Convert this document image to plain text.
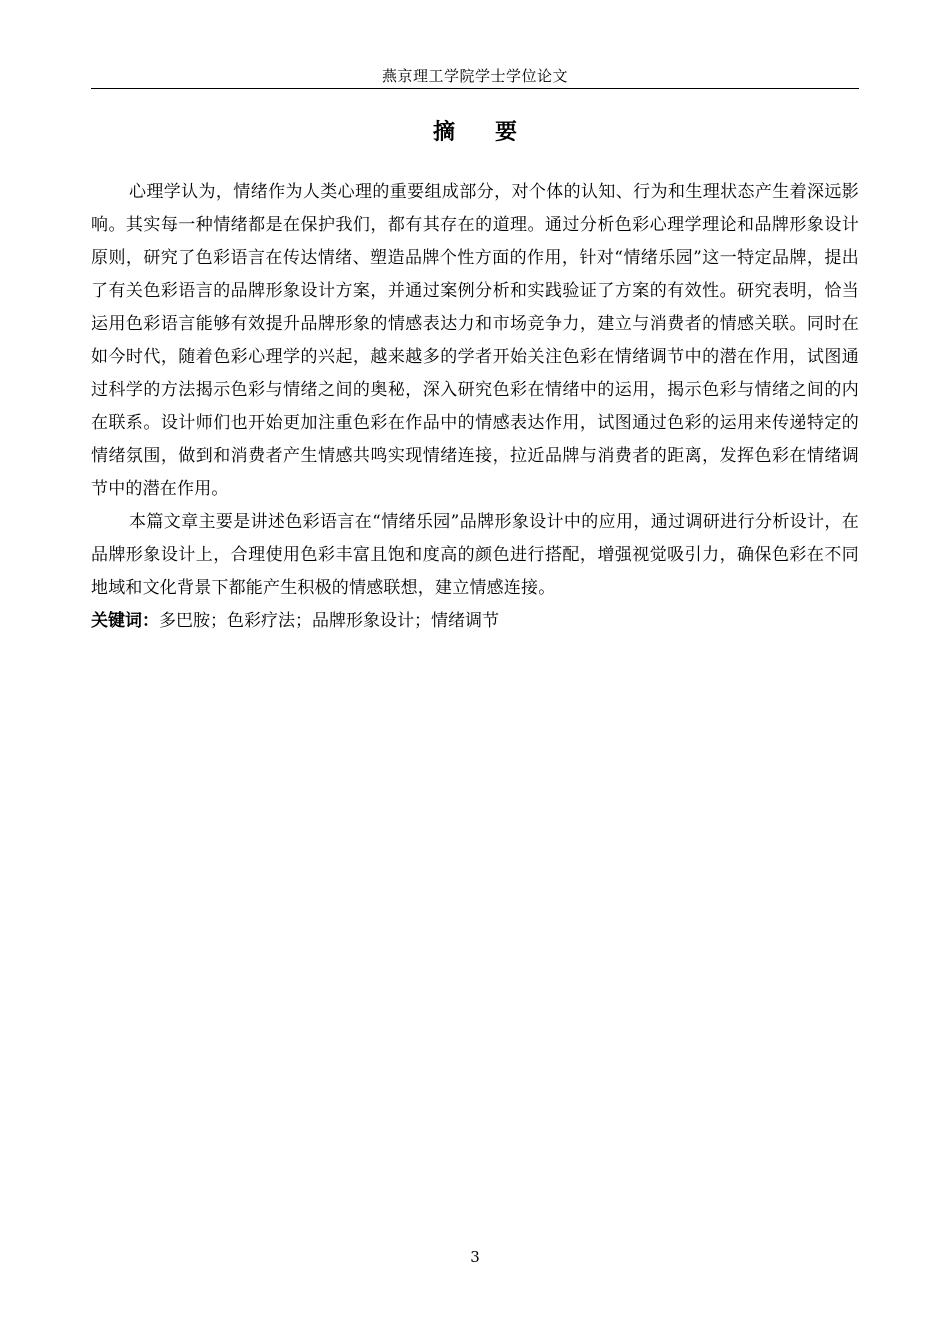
燕京理工学院学士学位论文
摘要

心理学认为，情绪作为人类心理的重要组成部分，对个体的认知、行为和生理状态产生着深远影响。其实每一种情绪都是在保护我们，都有其存在的道理。通过分析色彩心理学理论和品牌形象设计原则，研究了色彩语言在传达情绪、塑造品牌个性方面的作用，针对“情绪乐园”这一特定品牌，提出了有关色彩语言的品牌形象设计方案，并通过案例分析和实践验证了方案的有效性。研究表明，恰当运用色彩语言能够有效提升品牌形象的情感表达力和市场竞争力，建立与消费者的情感关联。同时在如今时代，随着色彩心理学的兴起，越来越多的学者开始关注色彩在情绪调节中的潜在作用，试图通过科学的方法揭示色彩与情绪之间的奥秘，深入研究色彩在情绪中的运用，揭示色彩与情绪之间的内在联系。设计师们也开始更加注重色彩在作品中的情感表达作用，试图通过色彩的运用来传递特定的情绪氛围，做到和消费者产生情感共鸣实现情绪连接，拉近品牌与消费者的距离，发挥色彩在情绪调节中的潜在作用。

本篇文章主要是讲述色彩语言在“情绪乐园”品牌形象设计中的应用，通过调研进行分析设计，在品牌形象设计上，合理使用色彩丰富且饱和度高的颜色进行搭配，增强视觉吸引力，确保色彩在不同地域和文化背景下都能产生积极的情感联想，建立情感连接。

关键词：多巴胺；色彩疗法；品牌形象设计；情绪调节

3
